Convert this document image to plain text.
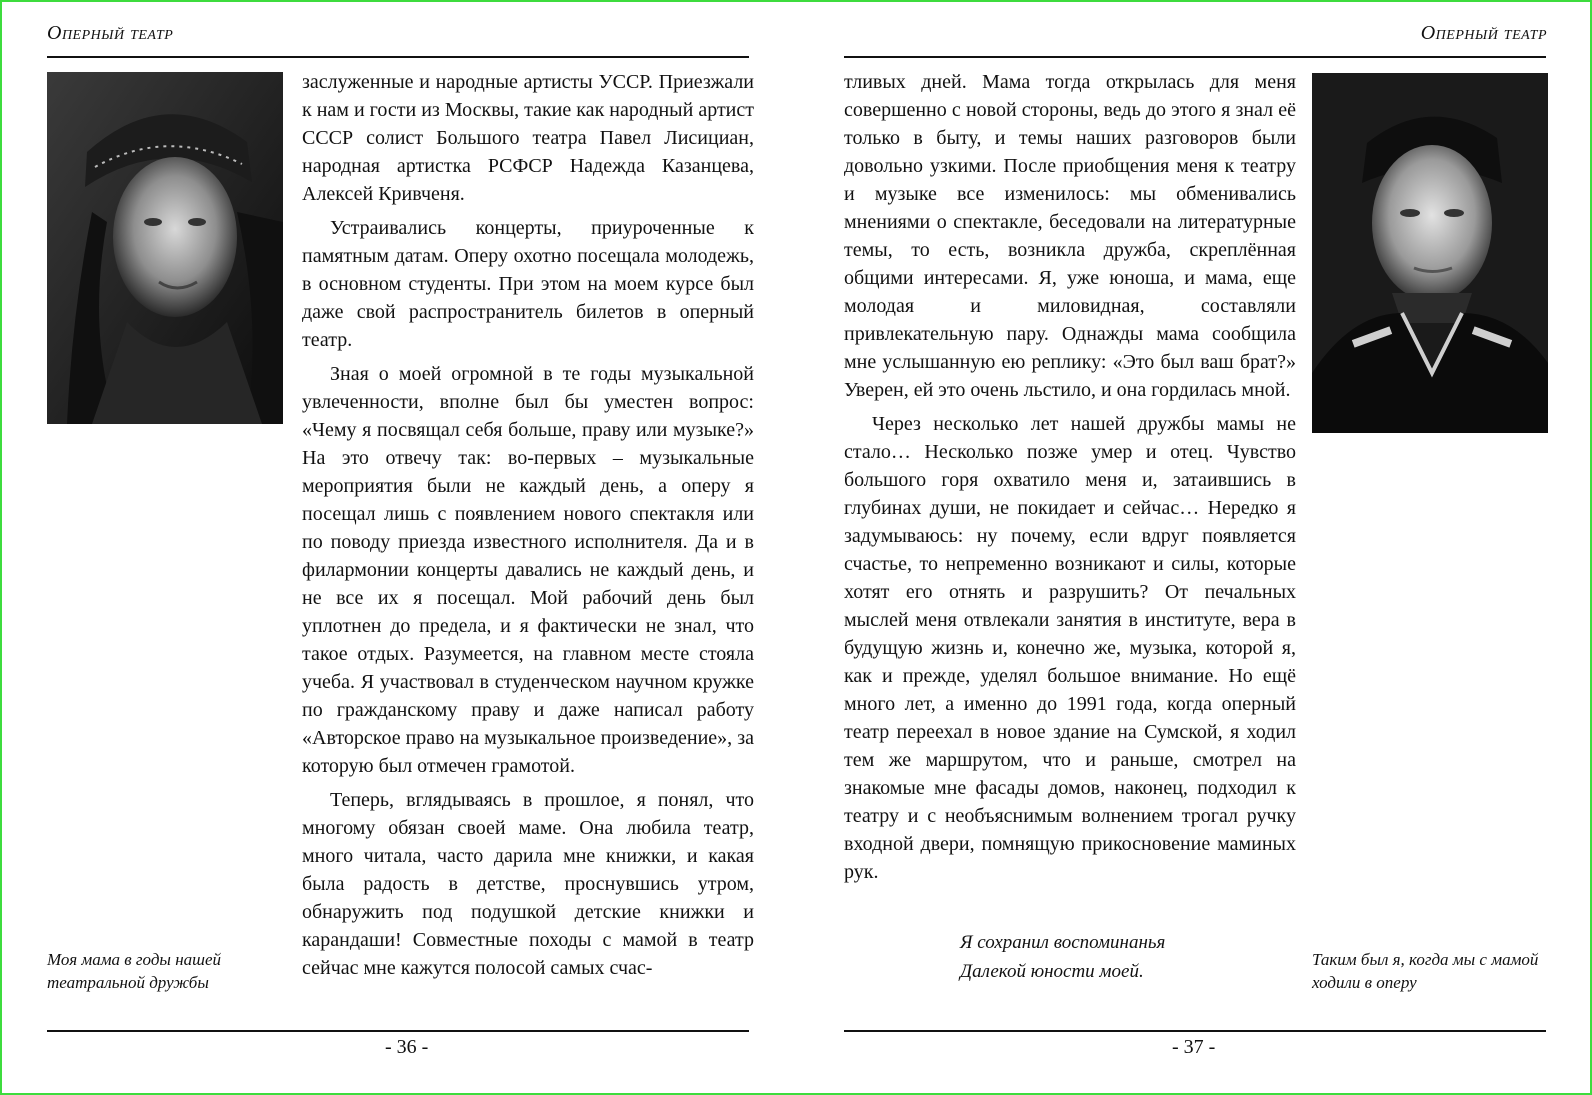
Оперный театр
Моя мама в годы нашей театральной дружбы

заслуженные и народные артисты УССР. Приезжали к нам и гости из Москвы, такие как народный артист СССР солист Большого театра Павел Лисициан, народная артистка РСФСР Надежда Казанцева, Алексей Кривченя.

Устраивались концерты, приуроченные к памятным датам. Оперу охотно посещала молодежь, в основном студенты. При этом на моем курсе был даже свой распространитель билетов в оперный театр.

Зная о моей огромной в те годы музыкальной увлеченности, вполне был бы уместен вопрос: «Чему я посвящал себя больше, праву или музыке?» На это отвечу так: во-первых – музыкальные мероприятия были не каждый день, а оперу я посещал лишь с появлением нового спектакля или по поводу приезда известного исполнителя. Да и в филармонии концерты давались не каждый день, и не все их я посещал. Мой рабочий день был уплотнен до предела, и я фактически не знал, что такое отдых. Разумеется, на главном месте стояла учеба. Я участвовал в студенческом научном кружке по гражданскому праву и даже написал работу «Авторское право на музыкальное произведение», за которую был отмечен грамотой.

Теперь, вглядываясь в прошлое, я понял, что многому обязан своей маме. Она любила театр, много читала, часто дарила мне книжки, и какая была радость в детстве, проснувшись утром, обнаружить под подушкой детские книжки и карандаши! Совместные походы с мамой в театр сейчас мне кажутся полосой самых счас-

- 36 -
Оперный театр

тливых дней. Мама тогда открылась для меня совершенно с новой стороны, ведь до этого я знал её только в быту, и темы наших разговоров были довольно узкими. После приобщения меня к театру и музыке все изменилось: мы обменивались мнениями о спектакле, беседовали на литературные темы, то есть, возникла дружба, скреплённая общими интересами. Я, уже юноша, и мама, еще молодая и миловидная, составляли привлекательную пару. Однажды мама сообщила мне услышанную ею реплику: «Это был ваш брат?» Уверен, ей это очень льстило, и она гордилась мной.

Через несколько лет нашей дружбы мамы не стало… Несколько позже умер и отец. Чувство большого горя охватило меня и, затаившись в глубинах души, не покидает и сейчас… Нередко я задумываюсь: ну почему, если вдруг появляется счастье, то непременно возникают и силы, которые хотят его отнять и разрушить? От печальных мыслей меня отвлекали занятия в институте, вера в будущую жизнь и, конечно же, музыка, которой я, как и прежде, уделял большое внимание. Но ещё много лет, а именно до 1991 года, когда оперный театр переехал в новое здание на Сумской, я ходил тем же маршрутом, что и раньше, смотрел на знакомые мне фасады домов, наконец, подходил к театру и с необъяснимым волнением трогал ручку входной двери, помнящую прикосновение маминых рук.

Я сохранил воспоминанья
Далекой юности моей.
Таким был я, когда мы с мамой ходили в оперу
- 37 -
